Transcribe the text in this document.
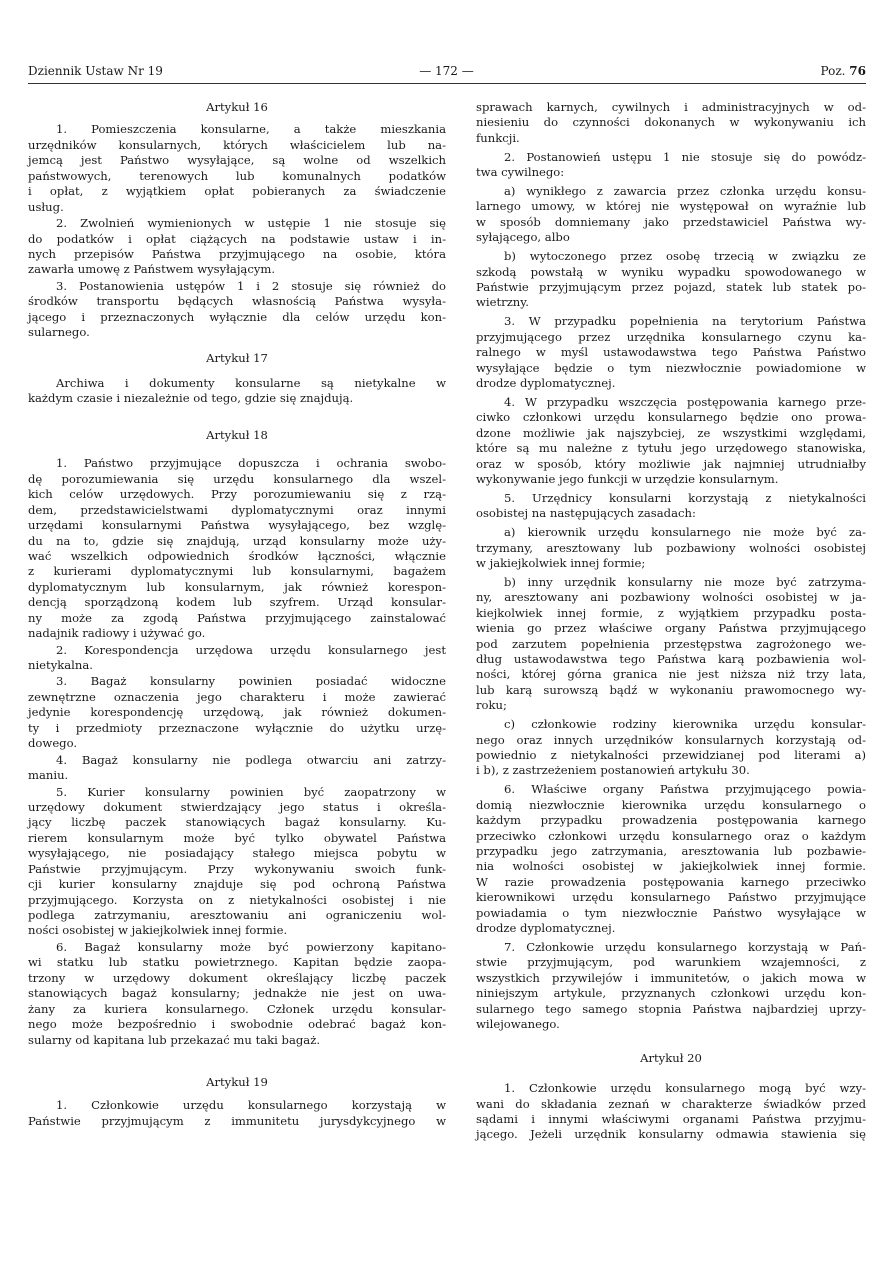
Dziennik Ustaw Nr 19	— 172 —	Poz. 76
Artykuł 16
1. Pomieszczenia konsularne, a także mieszkania
urzędników konsularnych, których właścicielem lub na-
jemcą jest Państwo wysyłające, są wolne od wszelkich
państwowych, terenowych lub komunalnych podatków
i opłat, z wyjątkiem opłat pobieranych za świadczenie
usług.
2. Zwolnień wymienionych w ustępie 1 nie stosuje się
do podatków i opłat ciążących na podstawie ustaw i in-
nych przepisów Państwa przyjmującego na osobie, która
zawarła umowę z Państwem wysyłającym.
3. Postanowienia ustępów 1 i 2 stosuje się również do
środków transportu będących własnością Państwa wysyła-
jącego i przeznaczonych wyłącznie dla celów urzędu kon-
sularnego.
Artykuł 17
Archiwa i dokumenty konsularne są nietykalne w
każdym czasie i niezależnie od tego, gdzie się znajdują.
Artykuł 18
1. Państwo przyjmujące dopuszcza i ochrania swobo-
dę porozumiewania się urzędu konsularnego dla wszel-
kich celów urzędowych. Przy porozumiewaniu się z rzą-
dem, przedstawicielstwami dyplomatycznymi oraz innymi
urzędami konsularnymi Państwa wysyłającego, bez wzglę-
du na to, gdzie się znajdują, urząd konsularny może uży-
wać wszelkich odpowiednich środków łączności, włącznie
z kurierami dyplomatycznymi lub konsularnymi, bagażem
dyplomatycznym lub konsularnym, jak również korespon-
dencją sporządzoną kodem lub szyfrem. Urząd konsular-
ny może za zgodą Państwa przyjmującego zainstalować
nadajnik radiowy i używać go.
2. Korespondencja urzędowa urzędu konsularnego jest
nietykalna.
3. Bagaż konsularny powinien posiadać widoczne
zewnętrzne oznaczenia jego charakteru i może zawierać
jedynie korespondencję urzędową, jak również dokumen-
ty i przedmioty przeznaczone wyłącznie do użytku urzę-
dowego.
4. Bagaż konsularny nie podlega otwarciu ani zatrzy-
maniu.
5. Kurier konsularny powinien być zaopatrzony w
urzędowy dokument stwierdzający jego status i określa-
jący liczbę paczek stanowiących bagaż konsularny. Ku-
rierem konsularnym może być tylko obywatel Państwa
wysyłającego, nie posiadający stałego miejsca pobytu w
Państwie przyjmującym. Przy wykonywaniu swoich funk-
cji kurier konsularny znajduje się pod ochroną Państwa
przyjmującego. Korzysta on z nietykalności osobistej i nie
podlega zatrzymaniu, aresztowaniu ani ograniczeniu wol-
ności osobistej w jakiejkolwiek innej formie.
6. Bagaż konsularny może być powierzony kapitano-
wi statku lub statku powietrznego. Kapitan będzie zaopa-
trzony w urzędowy dokument określający liczbę paczek
stanowiących bagaż konsularny; jednakże nie jest on uwa-
żany za kuriera konsularnego. Członek urzędu konsular-
nego może bezpośrednio i swobodnie odebrać bagaż kon-
sularny od kapitana lub przekazać mu taki bagaż.
Artykuł 19
1. Członkowie urzędu konsularnego korzystają w
Państwie przyjmującym z immunitetu jurysdykcyjnego w
sprawach karnych, cywilnych i administracyjnych w od-
niesieniu do czynności dokonanych w wykonywaniu ich
funkcji.
2. Postanowień ustępu 1 nie stosuje się do powódz-
twa cywilnego:
a) wynikłego z zawarcia przez członka urzędu konsu-
larnego umowy, w której nie występował on wyraźnie lub
w sposób domniemany jako przedstawiciel Państwa wy-
syłającego, albo
b) wytoczonego przez osobę trzecią w związku ze
szkodą powstałą w wyniku wypadku spowodowanego w
Państwie przyjmującym przez pojazd, statek lub statek po-
wietrzny.
3. W przypadku popełnienia na terytorium Państwa
przyjmującego przez urzędnika konsularnego czynu ka-
ralnego w myśl ustawodawstwa tego Państwa Państwo
wysyłające będzie o tym niezwłocznie powiadomione w
drodze dyplomatycznej.
4. W przypadku wszczęcia postępowania karnego prze-
ciwko członkowi urzędu konsularnego będzie ono prowa-
dzone możliwie jak najszybciej, ze wszystkimi względami,
które są mu należne z tytułu jego urzędowego stanowiska,
oraz w sposób, który możliwie jak najmniej utrudniałby
wykonywanie jego funkcji w urzędzie konsularnym.
5. Urzędnicy konsularni korzystają z nietykalności
osobistej na następujących zasadach:
a) kierownik urzędu konsularnego nie może być za-
trzymany, aresztowany lub pozbawiony wolności osobistej
w jakiejkolwiek innej formie;
b) inny urzędnik konsularny nie moze być zatrzyma-
ny, aresztowany ani pozbawiony wolności osobistej w ja-
kiejkolwiek innej formie, z wyjątkiem przypadku posta-
wienia go przez właściwe organy Państwa przyjmującego
pod zarzutem popełnienia przestępstwa zagrożonego we-
dług ustawodawstwa tego Państwa karą pozbawienia wol-
ności, której górna granica nie jest niższa niż trzy lata,
lub karą surowszą bądź w wykonaniu prawomocnego wy-
roku;
c) członkowie rodziny kierownika urzędu konsular-
nego oraz innych urzędników konsularnych korzystają od-
powiednio z nietykalności przewidzianej pod literami a)
i b), z zastrzeżeniem postanowień artykułu 30.
6. Właściwe organy Państwa przyjmującego powia-
domią niezwłocznie kierownika urzędu konsularnego o
każdym przypadku prowadzenia postępowania karnego
przeciwko członkowi urzędu konsularnego oraz o każdym
przypadku jego zatrzymania, aresztowania lub pozbawie-
nia wolności osobistej w jakiejkolwiek innej formie.
W razie prowadzenia postępowania karnego przeciwko
kierownikowi urzędu konsularnego Państwo przyjmujące
powiadamia o tym niezwłocznie Państwo wysyłające w
drodze dyplomatycznej.
7. Członkowie urzędu konsularnego korzystają w Pań-
stwie przyjmującym, pod warunkiem wzajemności, z
wszystkich przywilejów i immunitetów, o jakich mowa w
niniejszym artykule, przyznanych członkowi urzędu kon-
sularnego tego samego stopnia Państwa najbardziej uprzy-
wilejowanego.
Artykuł 20
1. Członkowie urzędu konsularnego mogą być wzy-
wani do składania zeznań w charakterze świadków przed
sądami i innymi właściwymi organami Państwa przyjmu-
jącego. Jeżeli urzędnik konsularny odmawia stawienia się
